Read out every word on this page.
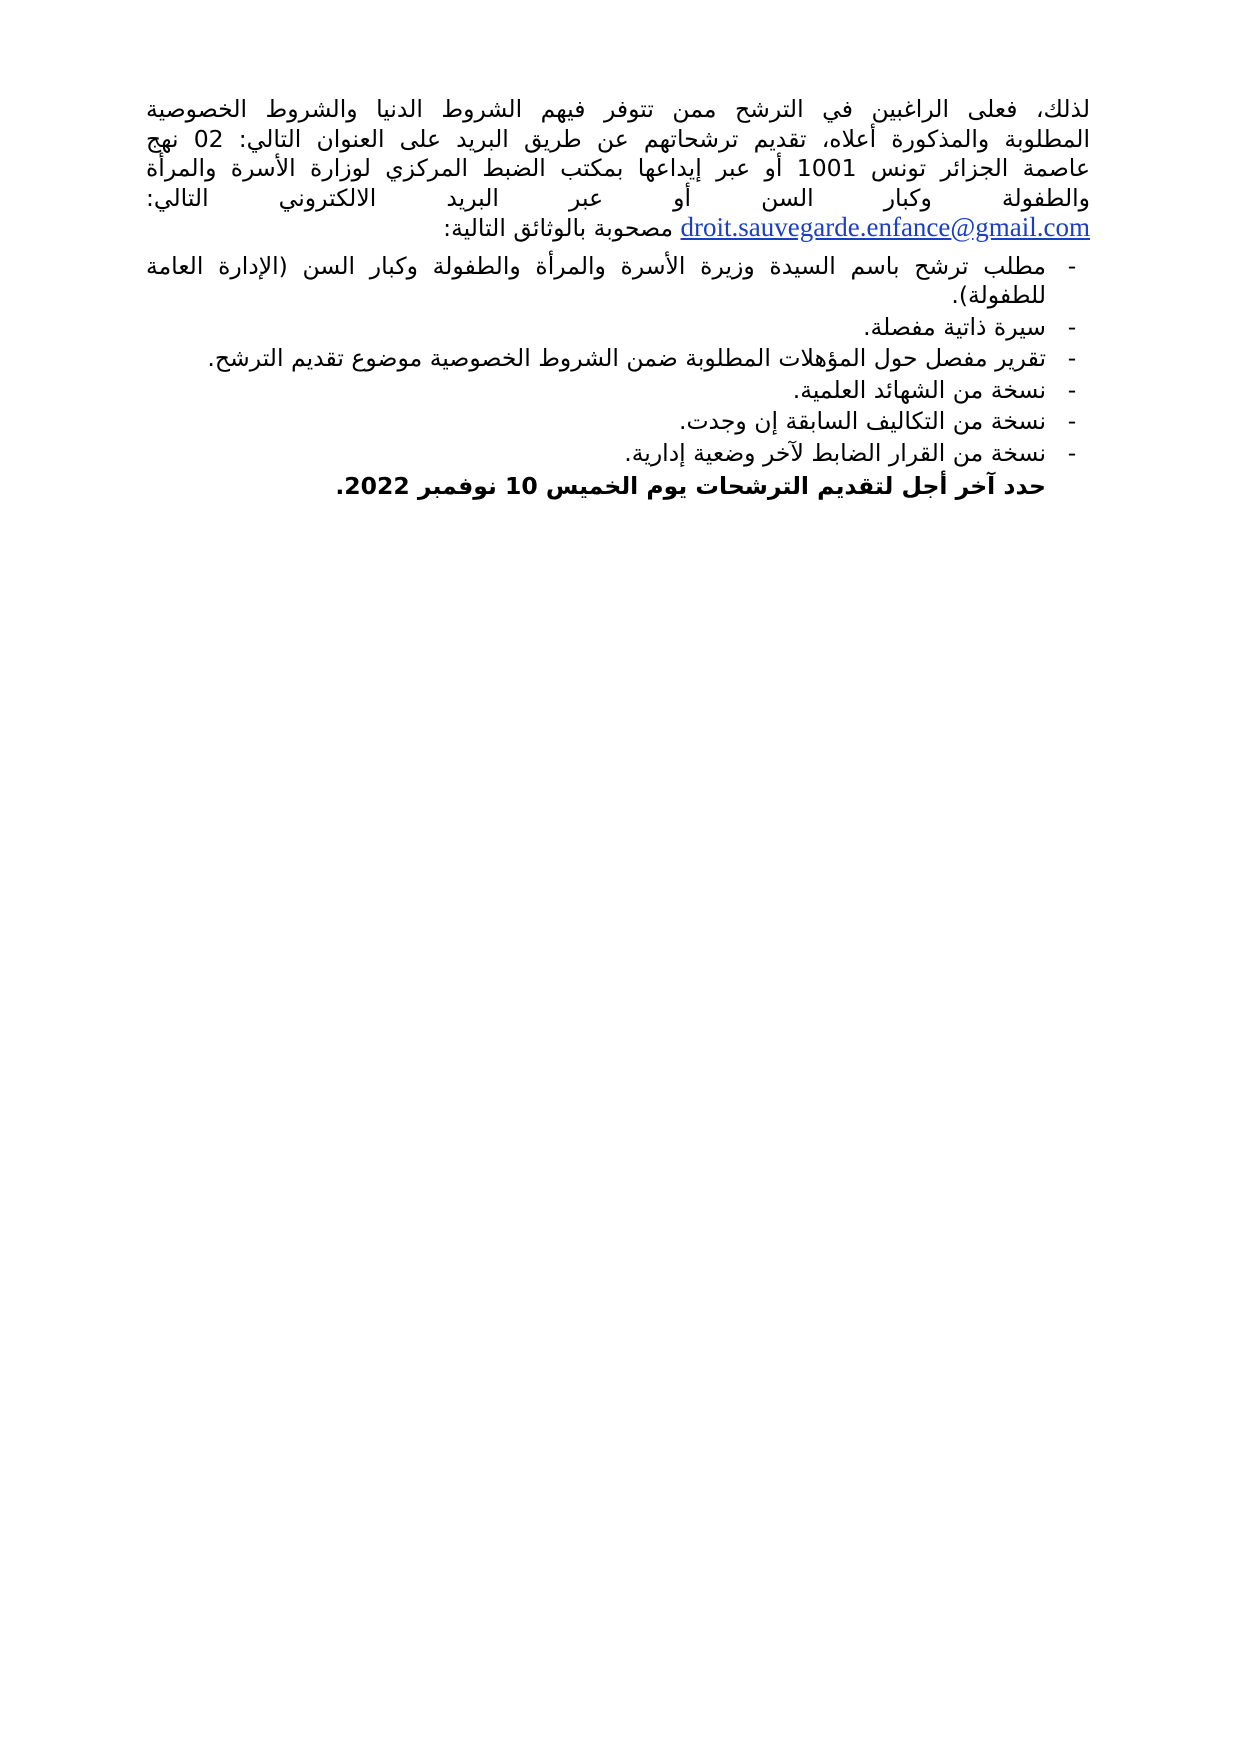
لذلك، فعلى الراغبين في الترشح ممن تتوفر فيهم الشروط الدنيا والشروط الخصوصية
المطلوبة والمذكورة أعلاه، تقديم ترشحاتهم عن طريق البريد على العنوان التالي: 02 نهج
عاصمة الجزائر تونس 1001 أو عبر إيداعها بمكتب الضبط المركزي لوزارة الأسرة والمرأة
والطفولة وكبار السن أو عبر البريد الالكتروني التالي:
droit.sauvegarde.enfance@gmail.com مصحوبة بالوثائق التالية:

-
مطلب ترشح باسم السيدة وزيرة الأسرة والمرأة والطفولة وكبار السن (الإدارة العامة للطفولة).
-
سيرة ذاتية مفصلة.
-
تقرير مفصل حول المؤهلات المطلوبة ضمن الشروط الخصوصية موضوع تقديم الترشح.
-
نسخة من الشهائد العلمية.
-
نسخة من التكاليف السابقة إن وجدت.
-
نسخة من القرار الضابط لآخر وضعية إدارية.

حدد آخر أجل لتقديم الترشحات يوم الخميس 10 نوفمبر 2022.
